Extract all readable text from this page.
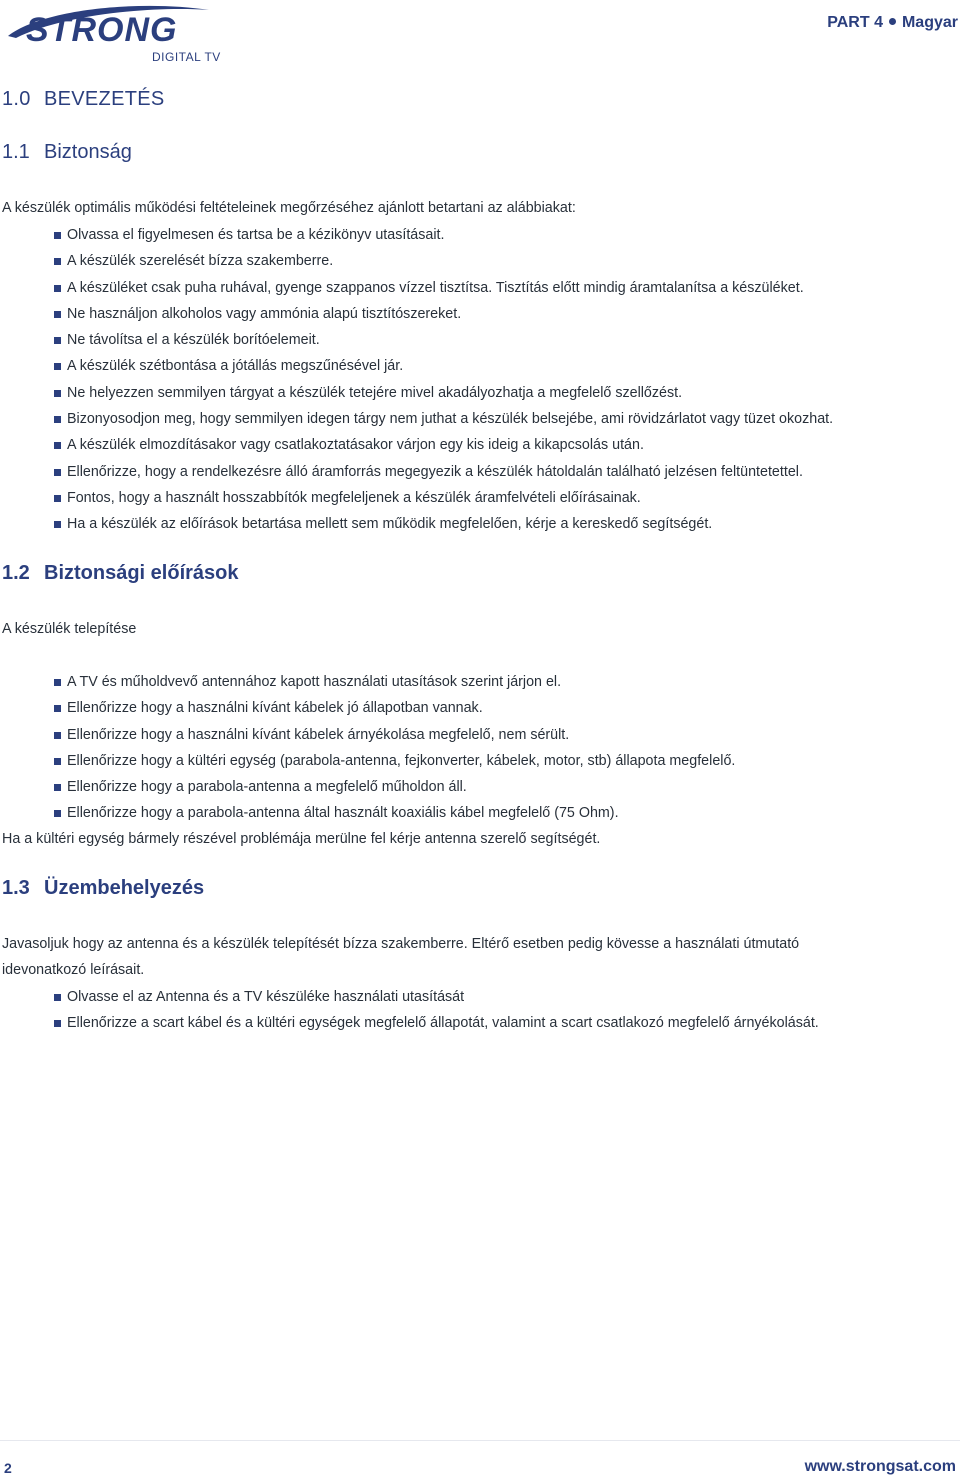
STRONG
DIGITAL TV
PART 4 Magyar
1.0 BEVEZETÉS
1.1 Biztonság
A készülék optimális működési feltételeinek megőrzéséhez ajánlott betartani az alábbiakat:
Olvassa el figyelmesen és tartsa be a kézikönyv utasításait.
A készülék szerelését bízza szakemberre.
A készüléket csak puha ruhával, gyenge szappanos vízzel tisztítsa. Tisztítás előtt mindig áramtalanítsa a készüléket.
Ne használjon alkoholos vagy ammónia alapú tisztítószereket.
Ne távolítsa el a készülék borítóelemeit.
A készülék szétbontása a jótállás megszűnésével jár.
Ne helyezzen semmilyen tárgyat a készülék tetejére mivel akadályozhatja a megfelelő szellőzést.
Bizonyosodjon meg, hogy semmilyen idegen tárgy nem juthat a készülék belsejébe, ami rövidzárlatot vagy tüzet okozhat.
A készülék elmozdításakor vagy csatlakoztatásakor várjon egy kis ideig a kikapcsolás után.
Ellenőrizze, hogy a rendelkezésre álló áramforrás megegyezik a készülék hátoldalán található jelzésen feltüntetettel.
Fontos, hogy a használt hosszabbítók megfeleljenek a készülék áramfelvételi előírásainak.
Ha a készülék az előírások betartása mellett sem működik megfelelően, kérje a kereskedő segítségét.
1.2 Biztonsági előírások
A készülék telepítése
A TV és műholdvevő antennához kapott használati utasítások szerint járjon el.
Ellenőrizze hogy a használni kívánt kábelek jó állapotban vannak.
Ellenőrizze hogy a használni kívánt kábelek árnyékolása megfelelő, nem sérült.
Ellenőrizze hogy a kültéri egység (parabola-antenna, fejkonverter, kábelek, motor, stb) állapota megfelelő.
Ellenőrizze hogy a parabola-antenna a megfelelő műholdon áll.
Ellenőrizze hogy a parabola-antenna által használt koaxiális kábel megfelelő (75 Ohm).
Ha a kültéri egység bármely részével problémája merülne fel kérje antenna szerelő segítségét.
1.3 Üzembehelyezés
Javasoljuk hogy az antenna és a készülék telepítését bízza szakemberre. Eltérő esetben pedig kövesse a használati útmutató
idevonatkozó leírásait.
Olvasse el az Antenna és a TV készüléke használati utasítását
Ellenőrizze a scart kábel és a kültéri egységek megfelelő állapotát, valamint a scart csatlakozó megfelelő árnyékolását.
2	www.strongsat.com
